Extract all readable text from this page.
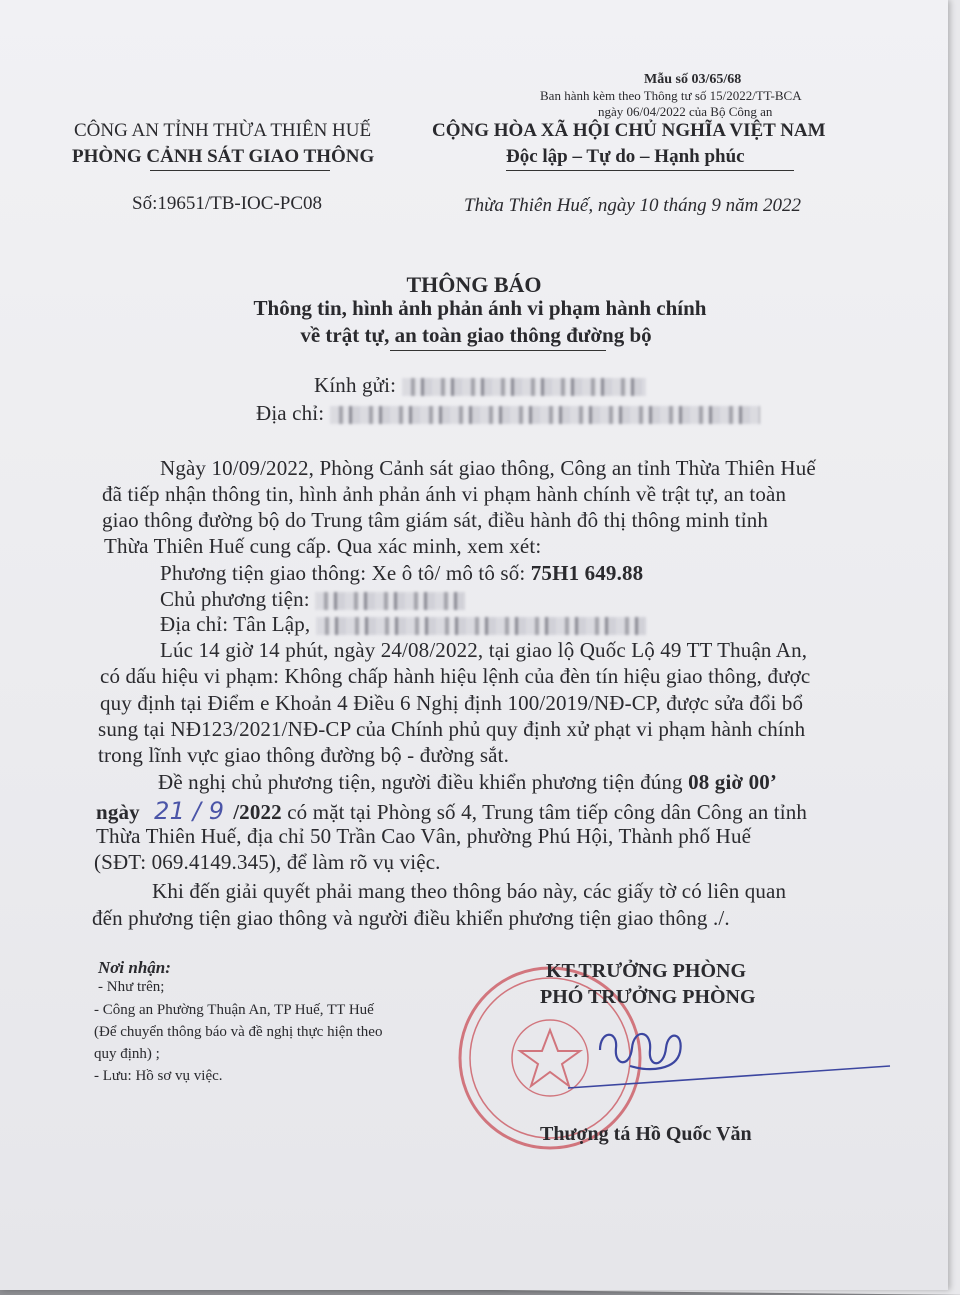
Mẫu số 03/65/68
Ban hành kèm theo Thông tư số 15/2022/TT-BCA
ngày 06/04/2022 của Bộ Công an
CÔNG AN TỈNH THỪA THIÊN HUẾ
PHÒNG CẢNH SÁT GIAO THÔNG
Số:19651/TB-IOC-PC08
CỘNG HÒA XÃ HỘI CHỦ NGHĨA VIỆT NAM
Độc lập – Tự do – Hạnh phúc
Thừa Thiên Huế, ngày 10 tháng 9 năm 2022
THÔNG BÁO
Thông tin, hình ảnh phản ánh vi phạm hành chính
về trật tự, an toàn giao thông đường bộ
Kính gửi:
Địa chỉ:
Ngày 10/09/2022, Phòng Cảnh sát giao thông, Công an tỉnh Thừa Thiên Huế
đã tiếp nhận thông tin, hình ảnh phản ánh vi phạm hành chính về trật tự, an toàn
giao thông đường bộ do Trung tâm giám sát, điều hành đô thị thông minh tỉnh
Thừa Thiên Huế cung cấp. Qua xác minh, xem xét:
Phương tiện giao thông: Xe ô tô/ mô tô số: 75H1 649.88
Chủ phương tiện:
Địa chỉ: Tân Lập,
Lúc 14 giờ 14 phút, ngày 24/08/2022, tại giao lộ Quốc Lộ 49 TT Thuận An,
có dấu hiệu vi phạm: Không chấp hành hiệu lệnh của đèn tín hiệu giao thông, được
quy định tại Điểm e Khoản 4 Điều 6 Nghị định 100/2019/NĐ-CP, được sửa đổi bổ
sung tại NĐ123/2021/NĐ-CP của Chính phủ quy định xử phạt vi phạm hành chính
trong lĩnh vực giao thông đường bộ - đường sắt.
Đề nghị chủ phương tiện, người điều khiển phương tiện đúng 08 giờ 00’
ngày 21 / 9 /2022 có mặt tại Phòng số 4, Trung tâm tiếp công dân Công an tỉnh
Thừa Thiên Huế, địa chỉ 50 Trần Cao Vân, phường Phú Hội, Thành phố Huế
(SĐT: 069.4149.345), để làm rõ vụ việc.
Khi đến giải quyết phải mang theo thông báo này, các giấy tờ có liên quan
đến phương tiện giao thông và người điều khiển phương tiện giao thông ./.
Nơi nhận:
- Như trên;
- Công an Phường Thuận An, TP Huế, TT Huế
(Để chuyển thông báo và đề nghị thực hiện theo
quy định) ;
- Lưu: Hồ sơ vụ việc.
KT.TRƯỞNG PHÒNG
PHÓ TRƯỞNG PHÒNG
Thượng tá Hồ Quốc Văn
